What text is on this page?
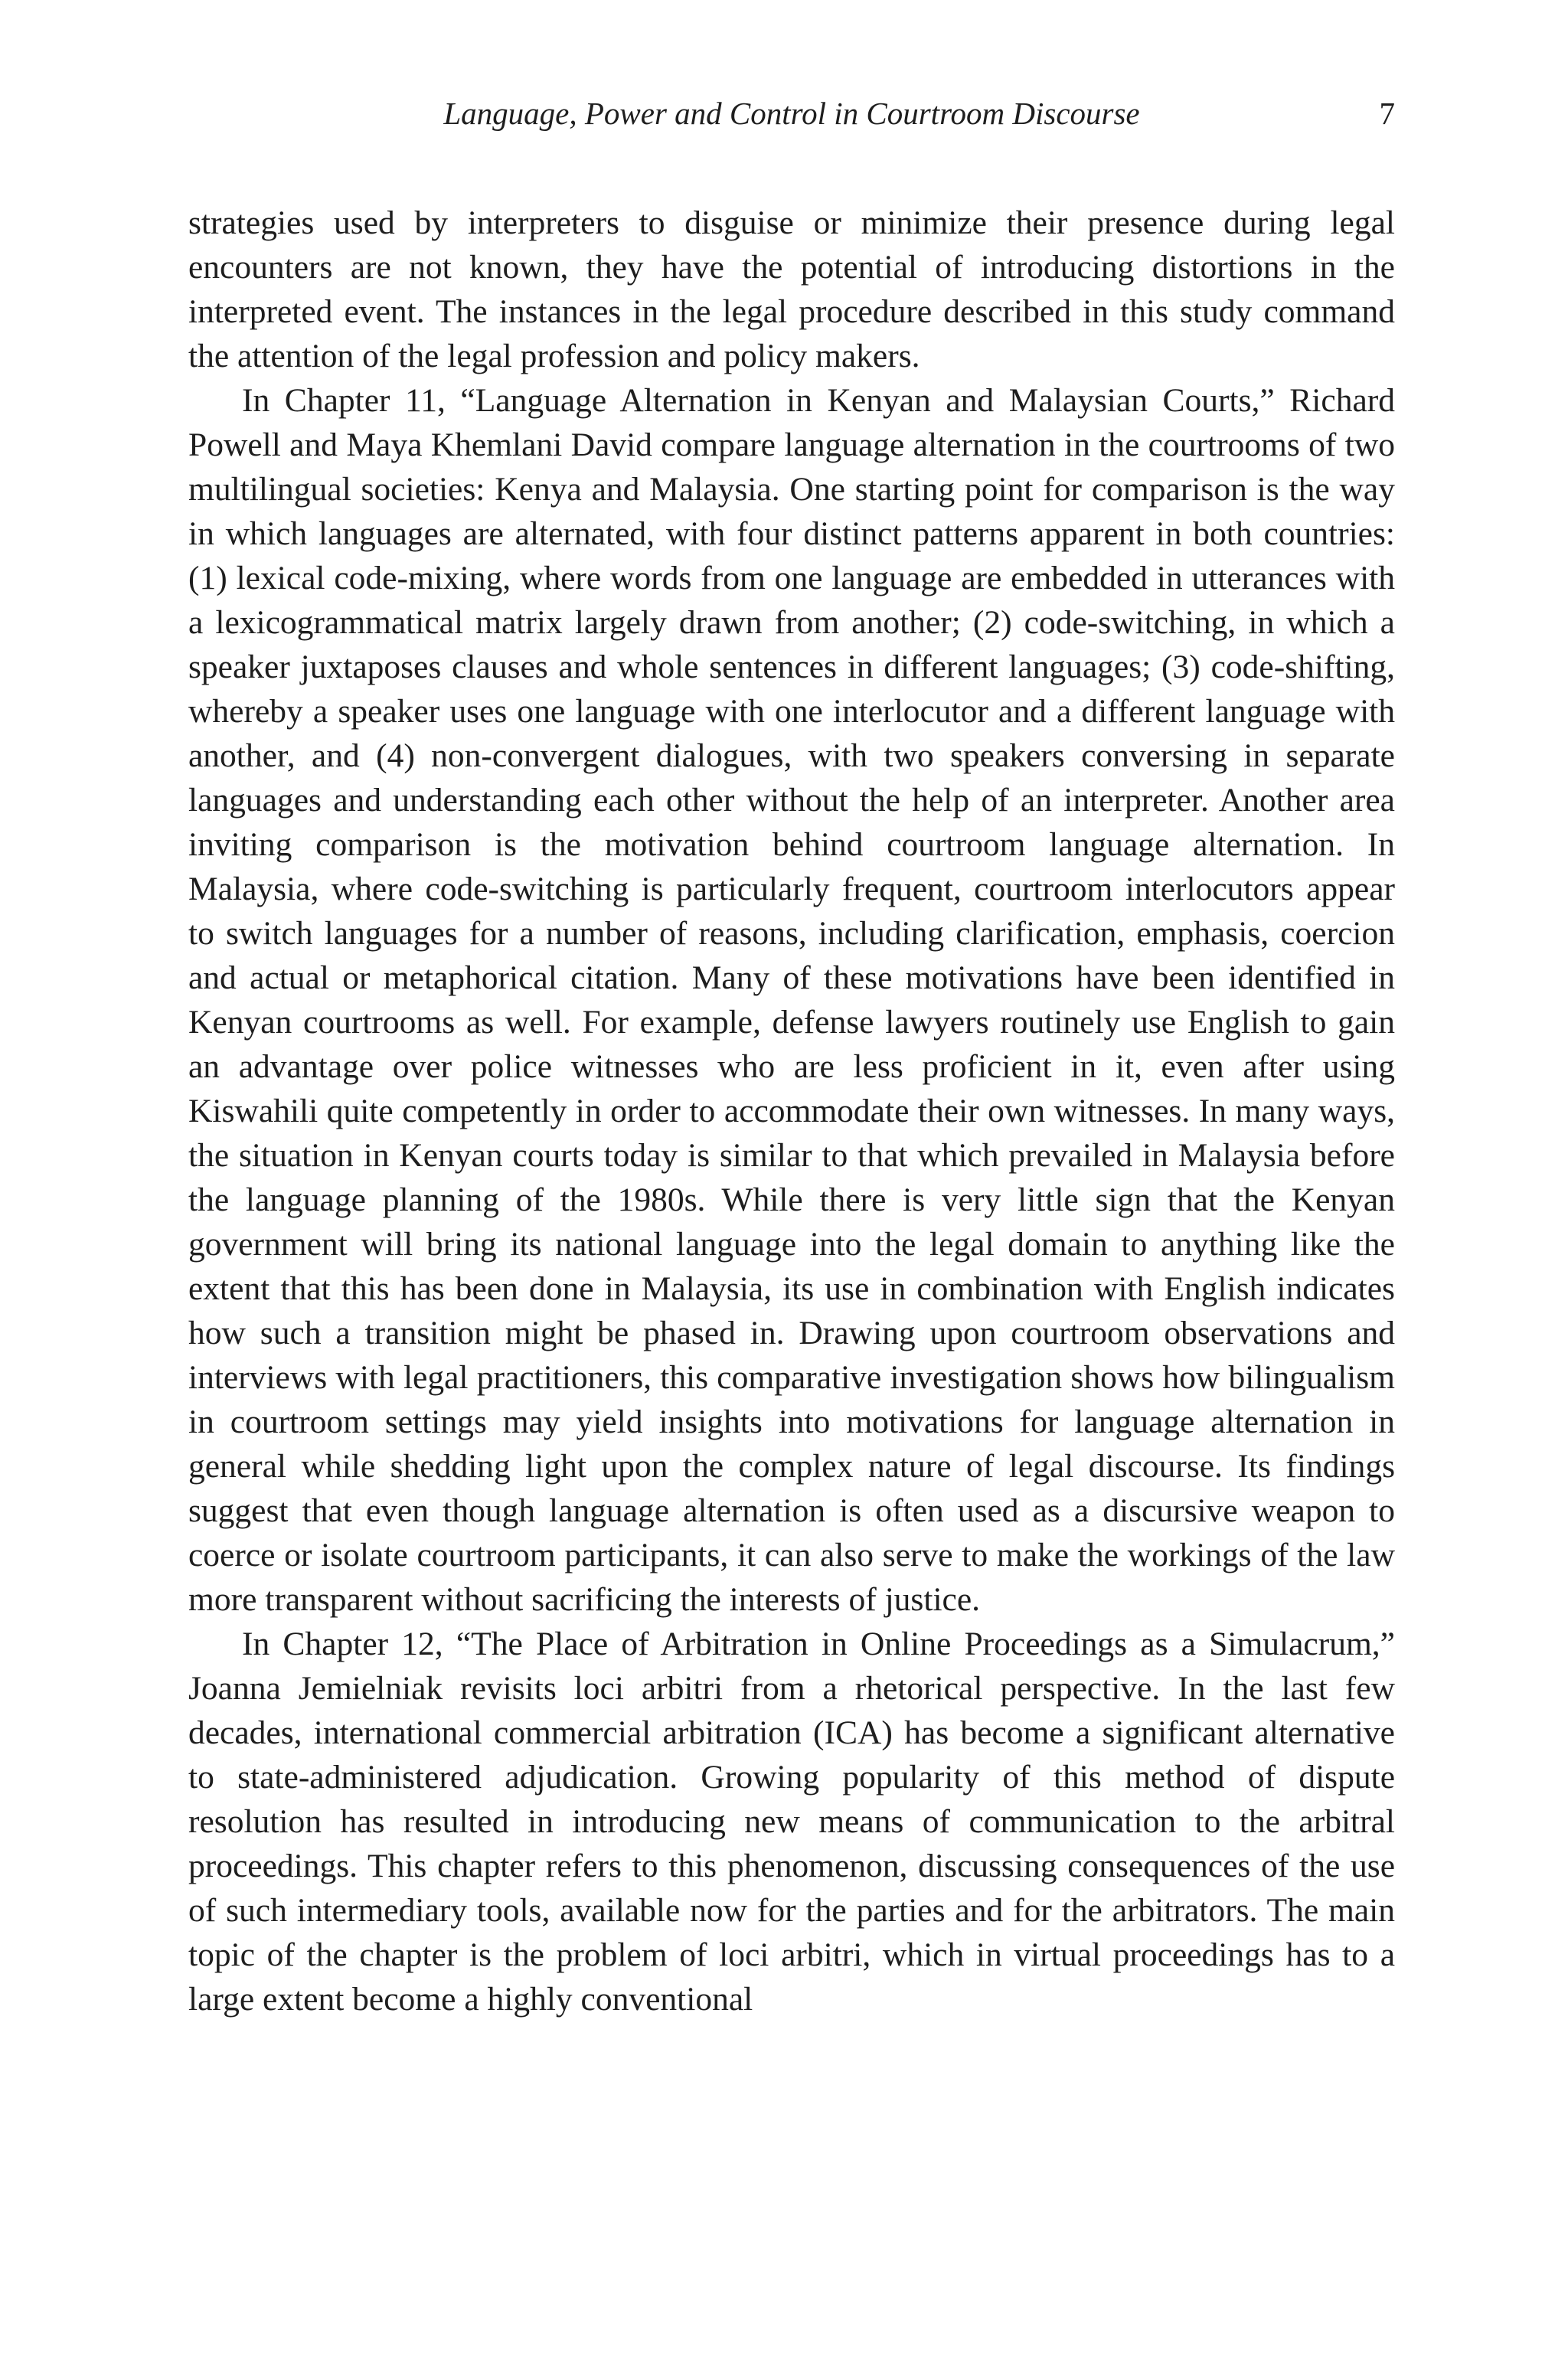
Language, Power and Control in Courtroom Discourse	7

strategies used by interpreters to disguise or minimize their presence during legal encounters are not known, they have the potential of introducing distortions in the interpreted event. The instances in the legal procedure described in this study command the attention of the legal profession and policy makers.

In Chapter 11, “Language Alternation in Kenyan and Malaysian Courts,” Richard Powell and Maya Khemlani David compare language alternation in the courtrooms of two multilingual societies: Kenya and Malaysia. One starting point for comparison is the way in which languages are alternated, with four distinct patterns apparent in both countries: (1) lexical code-mixing, where words from one language are embedded in utterances with a lexicogrammatical matrix largely drawn from another; (2) code-switching, in which a speaker juxtaposes clauses and whole sentences in different languages; (3) code-shifting, whereby a speaker uses one language with one interlocutor and a different language with another, and (4) non-convergent dialogues, with two speakers conversing in separate languages and understanding each other without the help of an interpreter. Another area inviting comparison is the motivation behind courtroom language alternation. In Malaysia, where code-switching is particularly frequent, courtroom interlocutors appear to switch languages for a number of reasons, including clarification, emphasis, coercion and actual or metaphorical citation. Many of these motivations have been identified in Kenyan courtrooms as well. For example, defense lawyers routinely use English to gain an advantage over police witnesses who are less proficient in it, even after using Kiswahili quite competently in order to accommodate their own witnesses. In many ways, the situation in Kenyan courts today is similar to that which prevailed in Malaysia before the language planning of the 1980s. While there is very little sign that the Kenyan government will bring its national language into the legal domain to anything like the extent that this has been done in Malaysia, its use in combination with English indicates how such a transition might be phased in. Drawing upon courtroom observations and interviews with legal practitioners, this comparative investigation shows how bilingualism in courtroom settings may yield insights into motivations for language alternation in general while shedding light upon the complex nature of legal discourse. Its findings suggest that even though language alternation is often used as a discursive weapon to coerce or isolate courtroom participants, it can also serve to make the workings of the law more transparent without sacrificing the interests of justice.

In Chapter 12, “The Place of Arbitration in Online Proceedings as a Simulacrum,” Joanna Jemielniak revisits loci arbitri from a rhetorical perspective. In the last few decades, international commercial arbitration (ICA) has become a significant alternative to state-administered adjudication. Growing popularity of this method of dispute resolution has resulted in introducing new means of communication to the arbitral proceedings. This chapter refers to this phenomenon, discussing consequences of the use of such intermediary tools, available now for the parties and for the arbitrators. The main topic of the chapter is the problem of loci arbitri, which in virtual proceedings has to a large extent become a highly conventional
